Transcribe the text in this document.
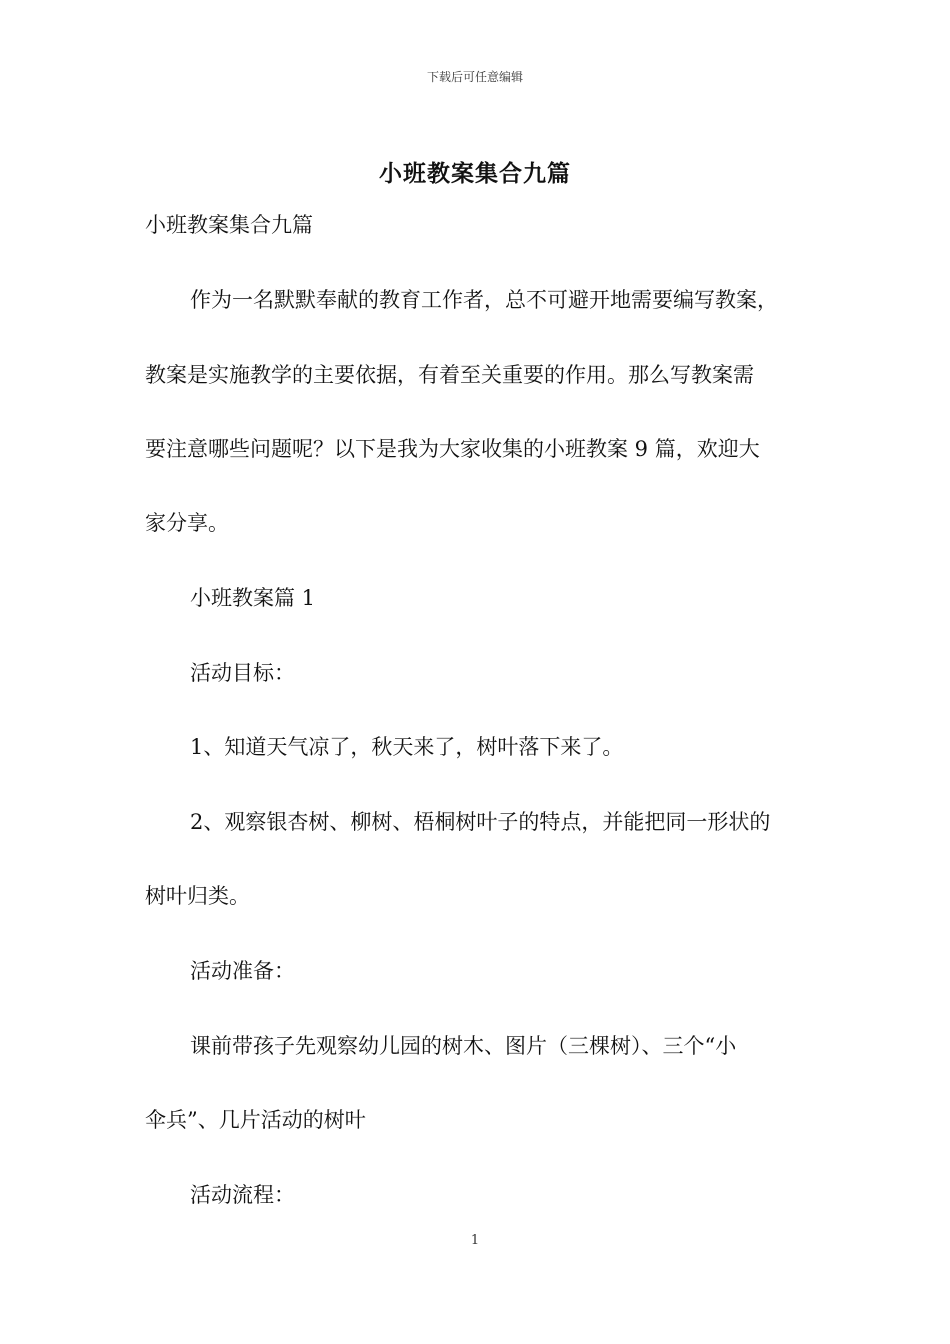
下载后可任意编辑
小班教案集合九篇
小班教案集合九篇
作为一名默默奉献的教育工作者，总不可避开地需要编写教案，
教案是实施教学的主要依据，有着至关重要的作用。那么写教案需
要注意哪些问题呢？以下是我为大家收集的小班教案 9 篇，欢迎大
家分享。
小班教案篇 1
活动目标：
1、知道天气凉了，秋天来了，树叶落下来了。
2、观察银杏树、柳树、梧桐树叶子的特点，并能把同一形状的
树叶归类。
活动准备：
课前带孩子先观察幼儿园的树木、图片（三棵树）、三个“小
伞兵”、几片活动的树叶
活动流程：
1
